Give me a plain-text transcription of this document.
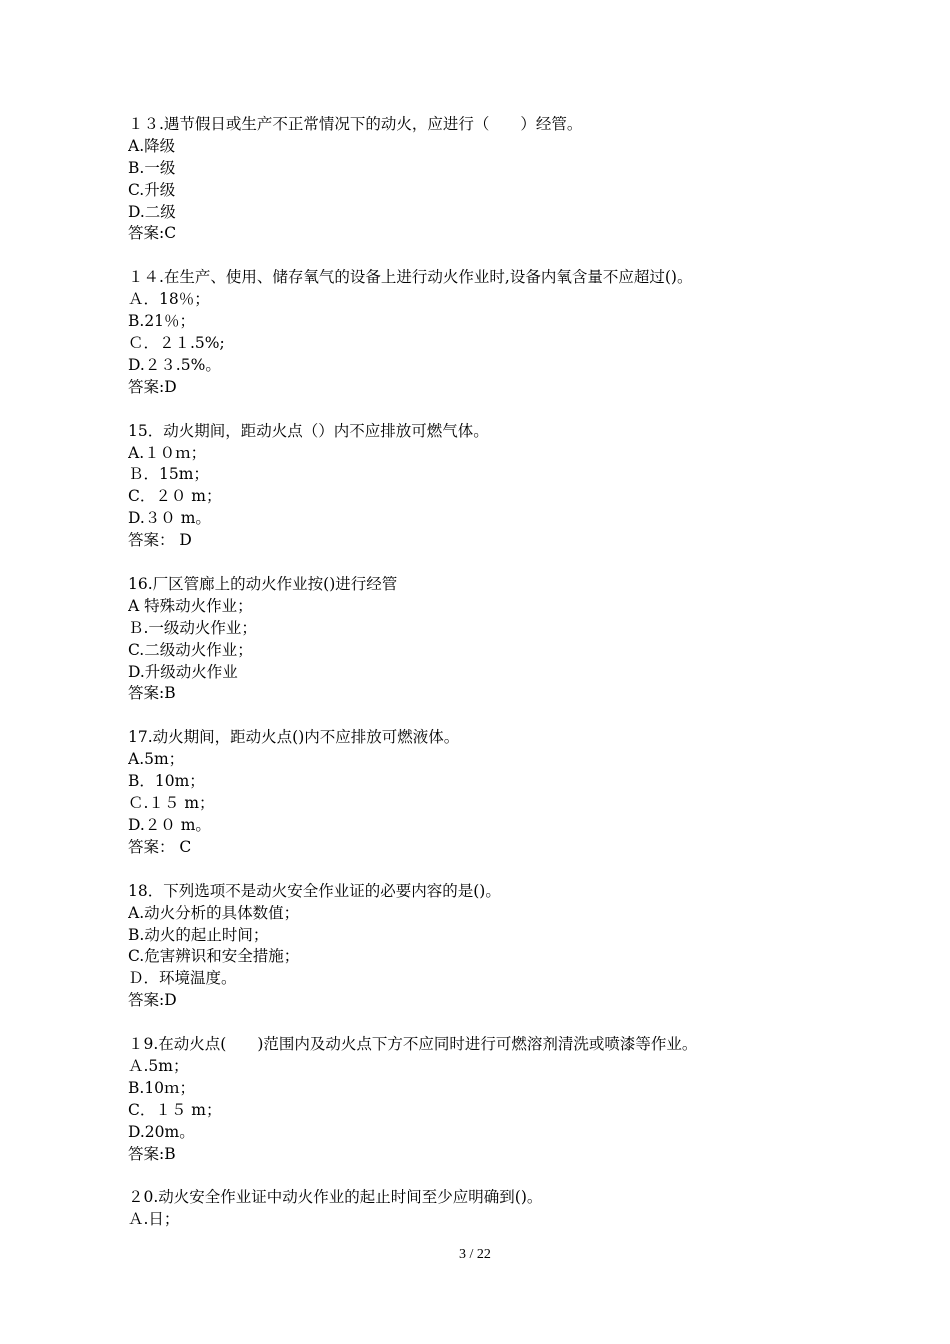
１３.遇节假日或生产不正常情况下的动火，应进行（　　）经管。
A.降级
B.一级
C.升级
D.二级
答案:C
１４.在生产、使用、储存氧气的设备上进行动火作业时,设备内氧含量不应超过()。
Ａ．18％；
B.21％；
Ｃ．２１.5%;
D.２３.5%。
答案:D
15．动火期间，距动火点（）内不应排放可燃气体。
A.１０ｍ；
Ｂ．15m；
C．２０ m；
D.３０ m。
答案： D
16.厂区管廊上的动火作业按()进行经管
A 特殊动火作业；
Ｂ.一级动火作业；
C.二级动火作业；
D.升级动火作业
答案:B
17.动火期间，距动火点()内不应排放可燃液体。
A.5m；
B．10m；
Ｃ.１５ m；
D.２０ m。
答案： C
18．下列选项不是动火安全作业证的必要内容的是()。
A.动火分析的具体数值；
B.动火的起止时间；
C.危害辨识和安全措施；
Ｄ．环境温度。
答案:D
１9.在动火点(　　)范围内及动火点下方不应同时进行可燃溶剂清洗或喷漆等作业。
Ａ.5m；
B.10ｍ；
C．１５ m；
D.20m。
答案:B
２0.动火安全作业证中动火作业的起止时间至少应明确到()。
Ａ.日；
3 / 22
